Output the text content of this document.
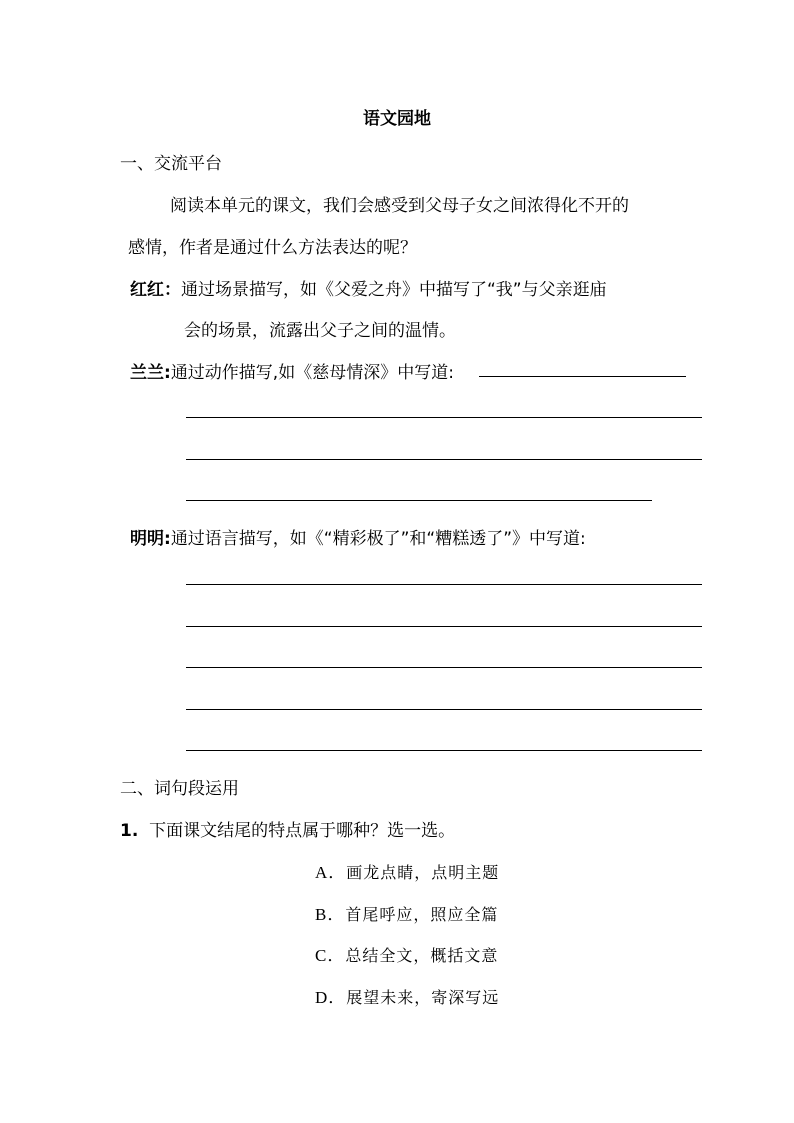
语文园地
一、交流平台
阅读本单元的课文，我们会感受到父母子女之间浓得化不开的
感情，作者是通过什么方法表达的呢？
红红：通过场景描写，如《父爱之舟》中描写了“我”与父亲逛庙
会的场景，流露出父子之间的温情。
兰兰:通过动作描写,如《慈母情深》中写道:
明明:通过语言描写，如《“精彩极了”和“糟糕透了”》中写道:
二、词句段运用
1. 下面课文结尾的特点属于哪种？选一选。
A．画龙点睛，点明主题
B．首尾呼应，照应全篇
C．总结全文，概括文意
D．展望未来，寄深写远
